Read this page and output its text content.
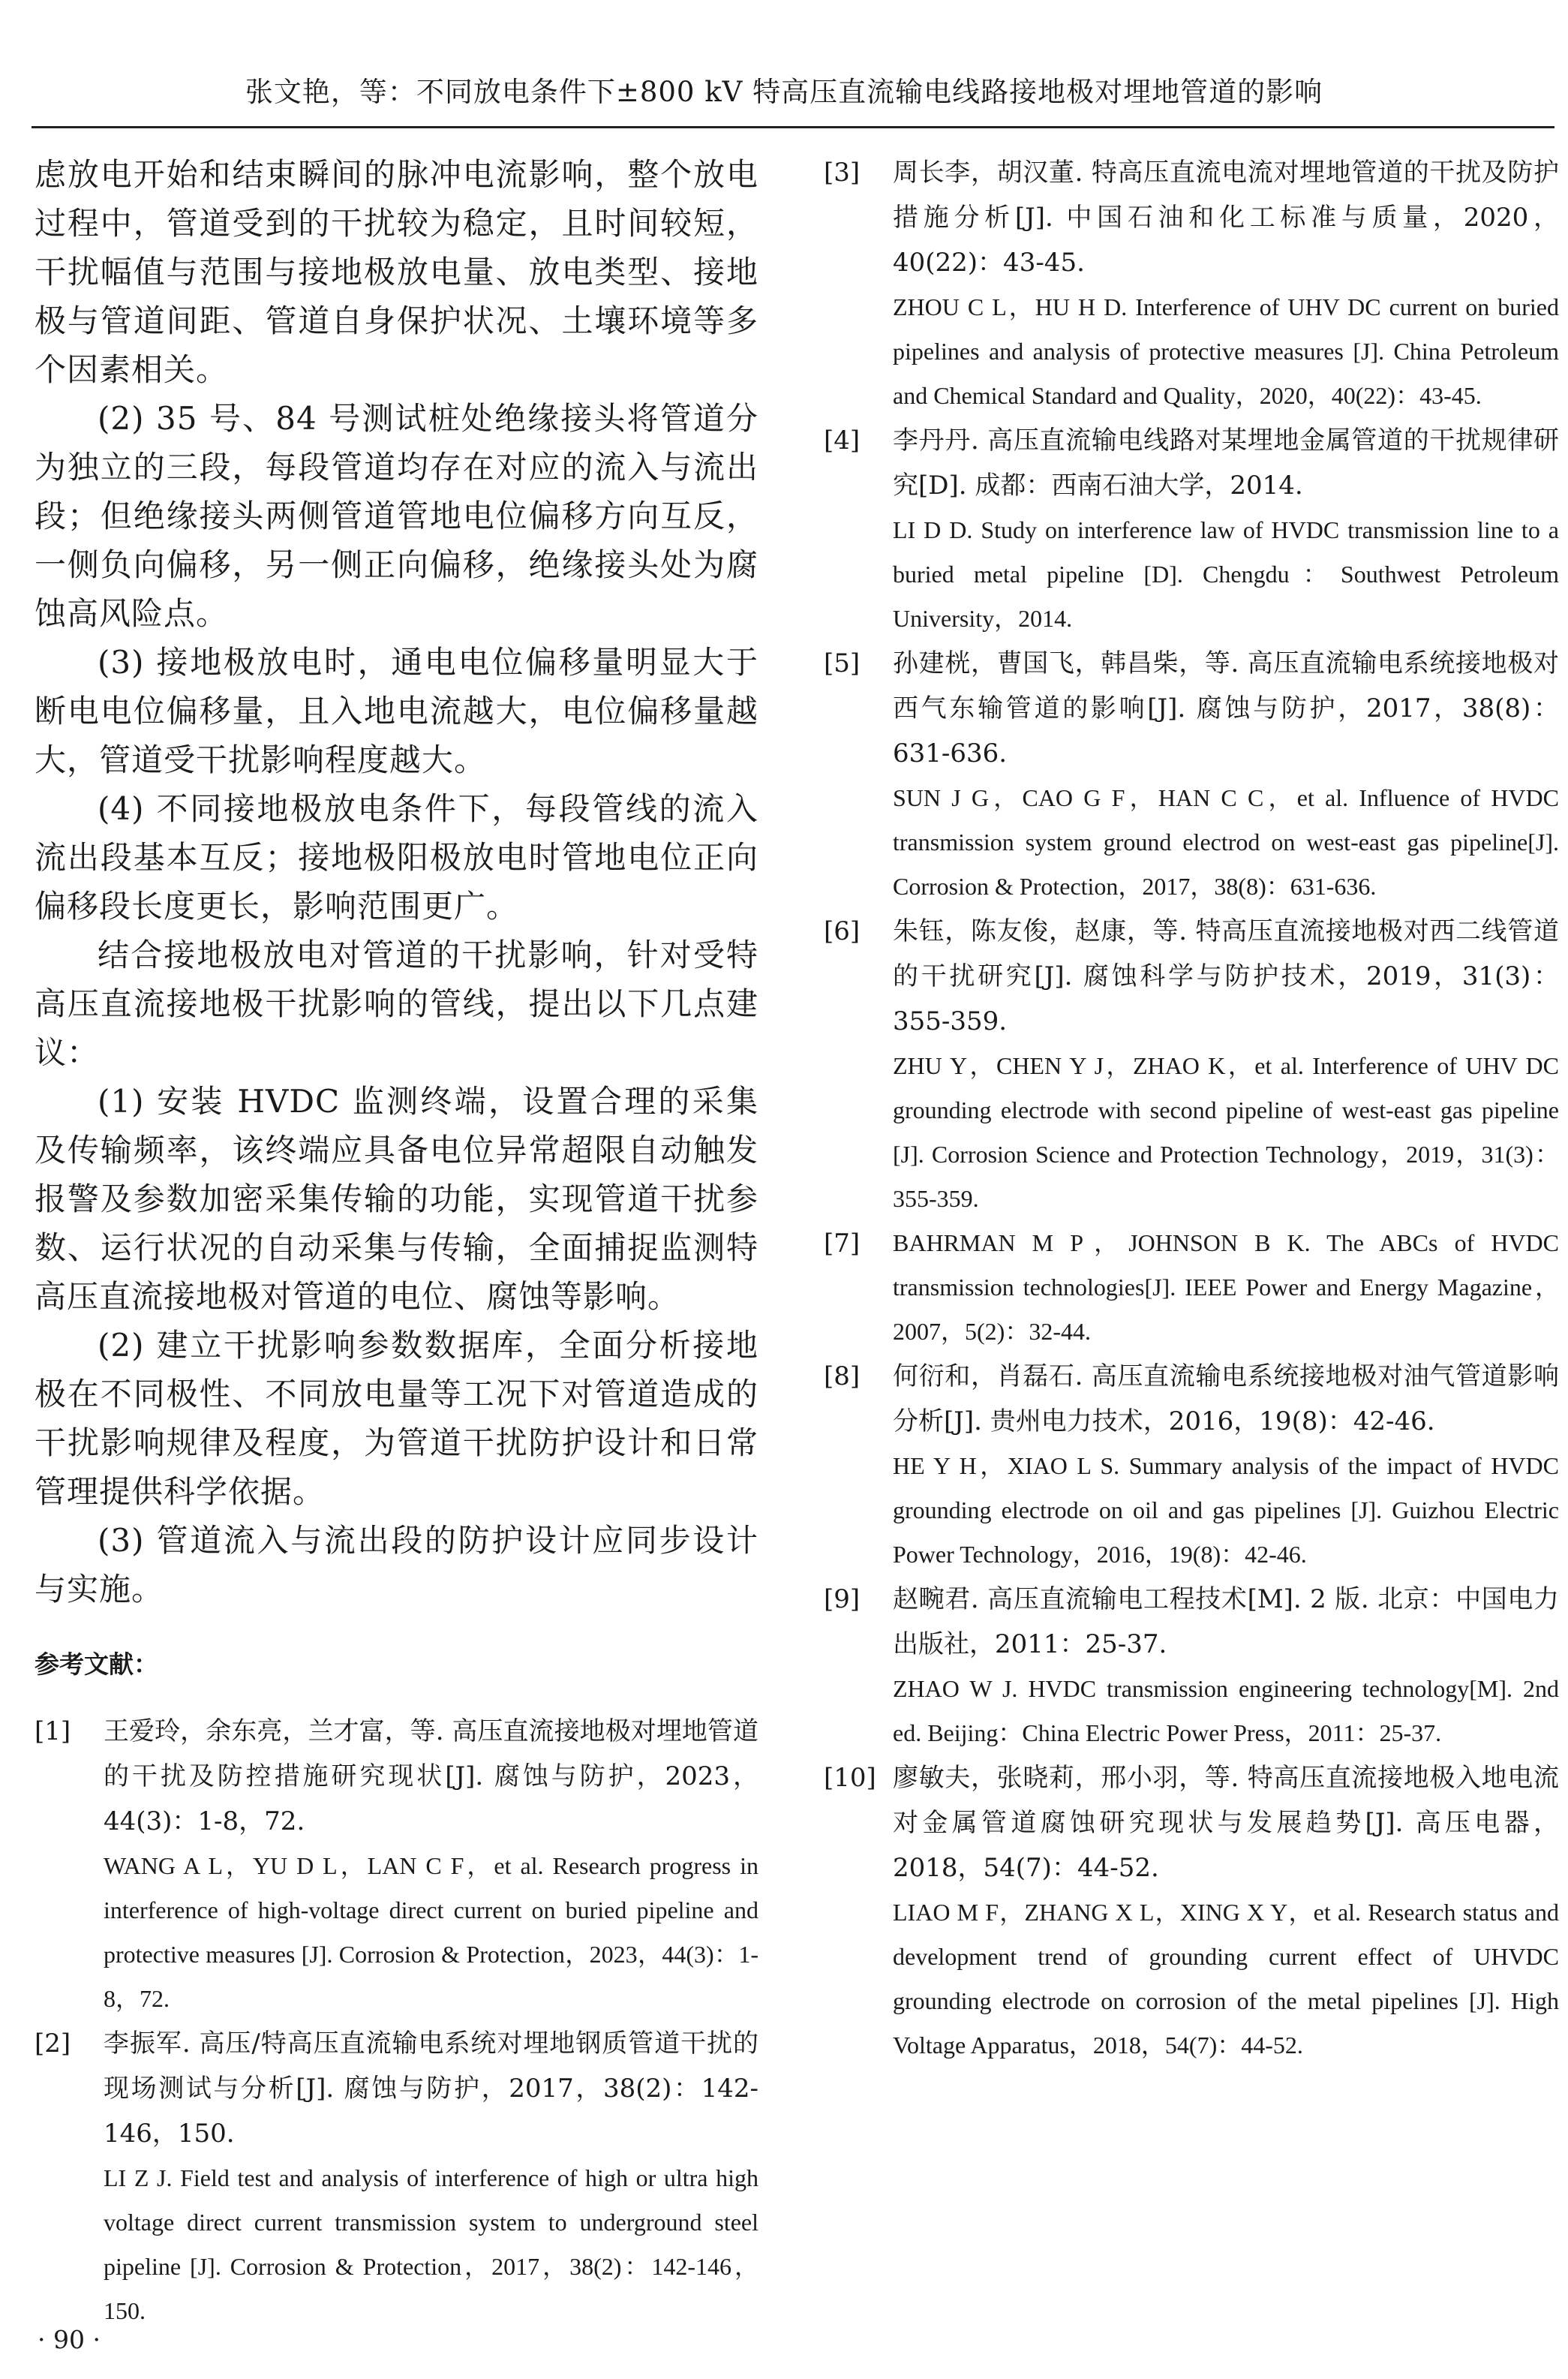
张文艳，等：不同放电条件下±800 kV 特高压直流输电线路接地极对埋地管道的影响

虑放电开始和结束瞬间的脉冲电流影响，整个放电过程中，管道受到的干扰较为稳定，且时间较短，干扰幅值与范围与接地极放电量、放电类型、接地极与管道间距、管道自身保护状况、土壤环境等多个因素相关。

(2) 35 号、84 号测试桩处绝缘接头将管道分为独立的三段，每段管道均存在对应的流入与流出段；但绝缘接头两侧管道管地电位偏移方向互反，一侧负向偏移，另一侧正向偏移，绝缘接头处为腐蚀高风险点。

(3) 接地极放电时，通电电位偏移量明显大于断电电位偏移量，且入地电流越大，电位偏移量越大，管道受干扰影响程度越大。

(4) 不同接地极放电条件下，每段管线的流入流出段基本互反；接地极阳极放电时管地电位正向偏移段长度更长，影响范围更广。

结合接地极放电对管道的干扰影响，针对受特高压直流接地极干扰影响的管线，提出以下几点建议：

(1) 安装 HVDC 监测终端，设置合理的采集及传输频率，该终端应具备电位异常超限自动触发报警及参数加密采集传输的功能，实现管道干扰参数、运行状况的自动采集与传输，全面捕捉监测特高压直流接地极对管道的电位、腐蚀等影响。

(2) 建立干扰影响参数数据库，全面分析接地极在不同极性、不同放电量等工况下对管道造成的干扰影响规律及程度，为管道干扰防护设计和日常管理提供科学依据。

(3) 管道流入与流出段的防护设计应同步设计与实施。

参考文献：
[1]	王爱玲，余东亮，兰才富，等. 高压直流接地极对埋地管道的干扰及防控措施研究现状[J]. 腐蚀与防护，2023，44(3)：1-8，72.

WANG A L，YU D L，LAN C F，et al. Research progress in interference of high-voltage direct current on buried pipeline and protective measures [J]. Corrosion & Protection，2023，44(3)：1-8，72.

[2]	李振军. 高压/特高压直流输电系统对埋地钢质管道干扰的现场测试与分析[J]. 腐蚀与防护，2017，38(2)：142-146，150.

LI Z J. Field test and analysis of interference of high or ultra high voltage direct current transmission system to underground steel pipeline [J]. Corrosion & Protection，2017，38(2)：142-146，150.

[3]	周长李，胡汉董. 特高压直流电流对埋地管道的干扰及防护措施分析[J]. 中国石油和化工标准与质量，2020，40(22)：43-45.

ZHOU C L，HU H D. Interference of UHV DC current on buried pipelines and analysis of protective measures [J]. China Petroleum and Chemical Standard and Quality，2020，40(22)：43-45.

[4]	李丹丹. 高压直流输电线路对某埋地金属管道的干扰规律研究[D]. 成都：西南石油大学，2014.

LI D D. Study on interference law of HVDC transmission line to a buried metal pipeline [D]. Chengdu：Southwest Petroleum University，2014.

[5]	孙建桄，曹国飞，韩昌柴，等. 高压直流输电系统接地极对西气东输管道的影响[J]. 腐蚀与防护，2017，38(8)：631-636.

SUN J G，CAO G F，HAN C C，et al. Influence of HVDC transmission system ground electrod on west-east gas pipeline[J]. Corrosion & Protection，2017，38(8)：631-636.

[6]	朱钰，陈友俊，赵康，等. 特高压直流接地极对西二线管道的干扰研究[J]. 腐蚀科学与防护技术，2019，31(3)：355-359.

ZHU Y，CHEN Y J，ZHAO K，et al. Interference of UHV DC grounding electrode with second pipeline of west-east gas pipeline [J]. Corrosion Science and Protection Technology，2019，31(3)：355-359.

[7]	BAHRMAN M P，JOHNSON B K. The ABCs of HVDC transmission technologies[J]. IEEE Power and Energy Magazine，2007，5(2)：32-44.

[8]	何衍和，肖磊石. 高压直流输电系统接地极对油气管道影响分析[J]. 贵州电力技术，2016，19(8)：42-46.

HE Y H，XIAO L S. Summary analysis of the impact of HVDC grounding electrode on oil and gas pipelines [J]. Guizhou Electric Power Technology，2016，19(8)：42-46.

[9]	赵畹君. 高压直流输电工程技术[M]. 2 版. 北京：中国电力出版社，2011：25-37.

ZHAO W J. HVDC transmission engineering technology[M]. 2nd ed. Beijing：China Electric Power Press，2011：25-37.

[10] 廖敏夫，张晓莉，邢小羽，等. 特高压直流接地极入地电流对金属管道腐蚀研究现状与发展趋势[J]. 高压电器，2018，54(7)：44-52.

LIAO M F，ZHANG X L，XING X Y，et al. Research status and development trend of grounding current effect of UHVDC grounding electrode on corrosion of the metal pipelines [J]. High Voltage Apparatus，2018，54(7)：44-52.

· 90 ·
